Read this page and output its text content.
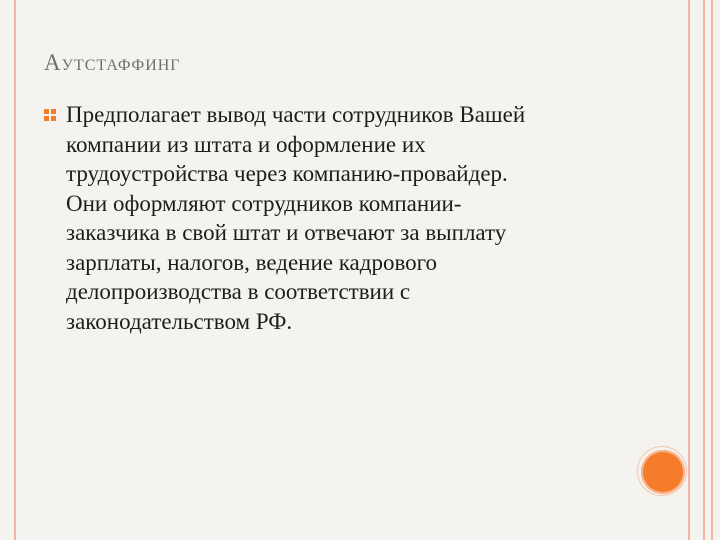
Аутстаффинг
Предполагает вывод части сотрудников Вашей
компании из штата и оформление их
трудоустройства через компанию-провайдер.
Они оформляют сотрудников компании-
заказчика в свой штат и отвечают за выплату
зарплаты, налогов, ведение кадрового
делопроизводства в соответствии с
законодательством РФ.
